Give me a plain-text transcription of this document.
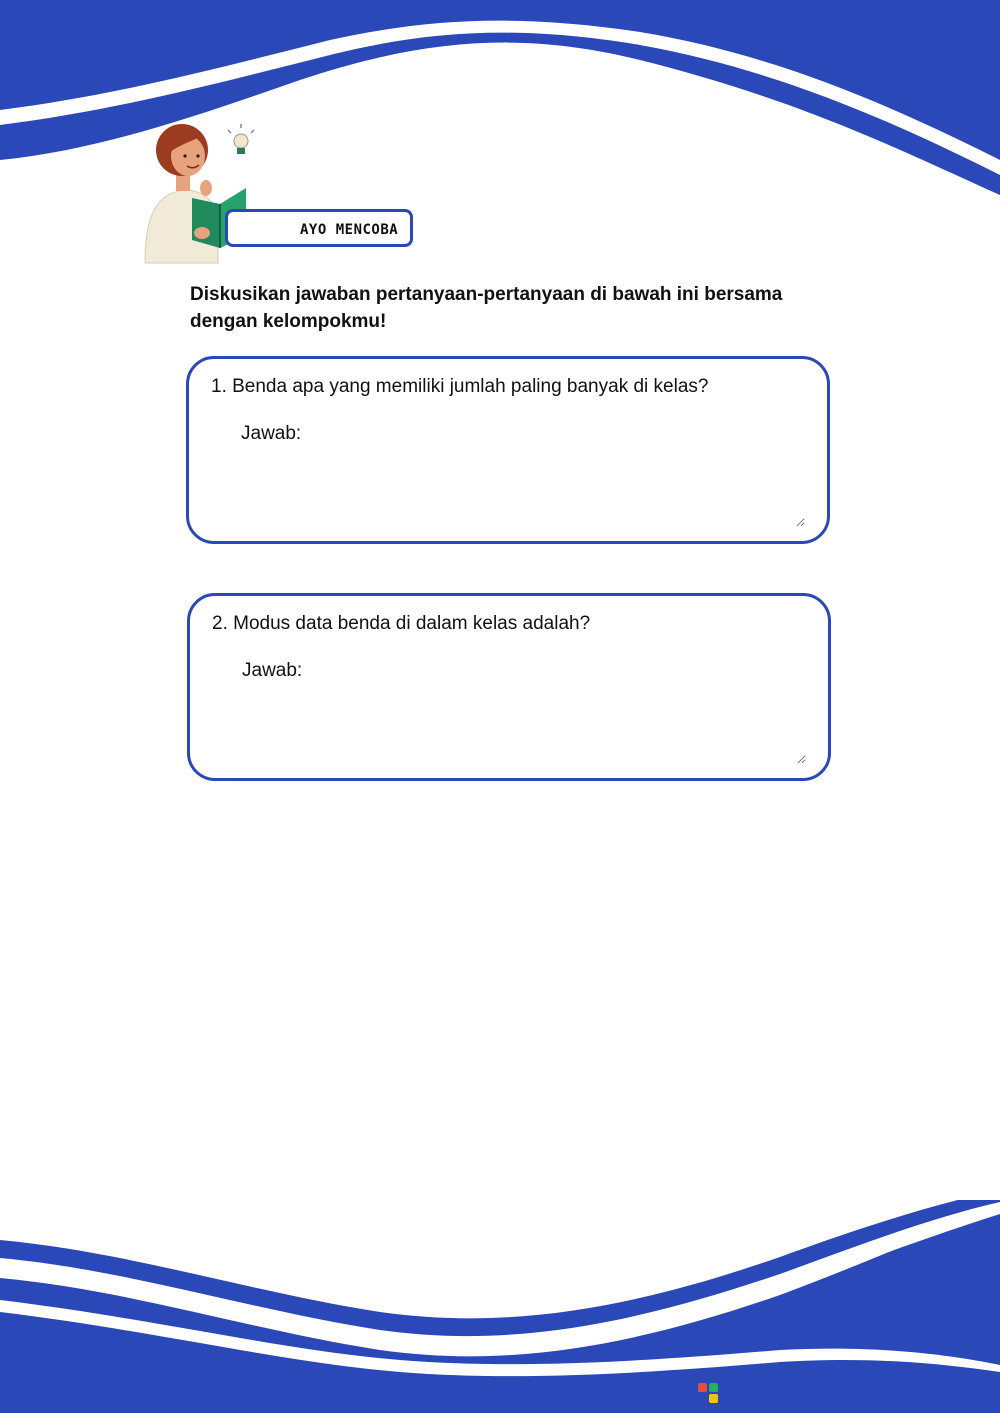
AYO MENCOBA
Diskusikan jawaban pertanyaan-pertanyaan di bawah ini bersama dengan kelompokmu!
1. Benda apa yang memiliki jumlah paling banyak di kelas?
Jawab:
2. Modus data benda di dalam kelas adalah?
Jawab:
LIVEWORKSHEETS
